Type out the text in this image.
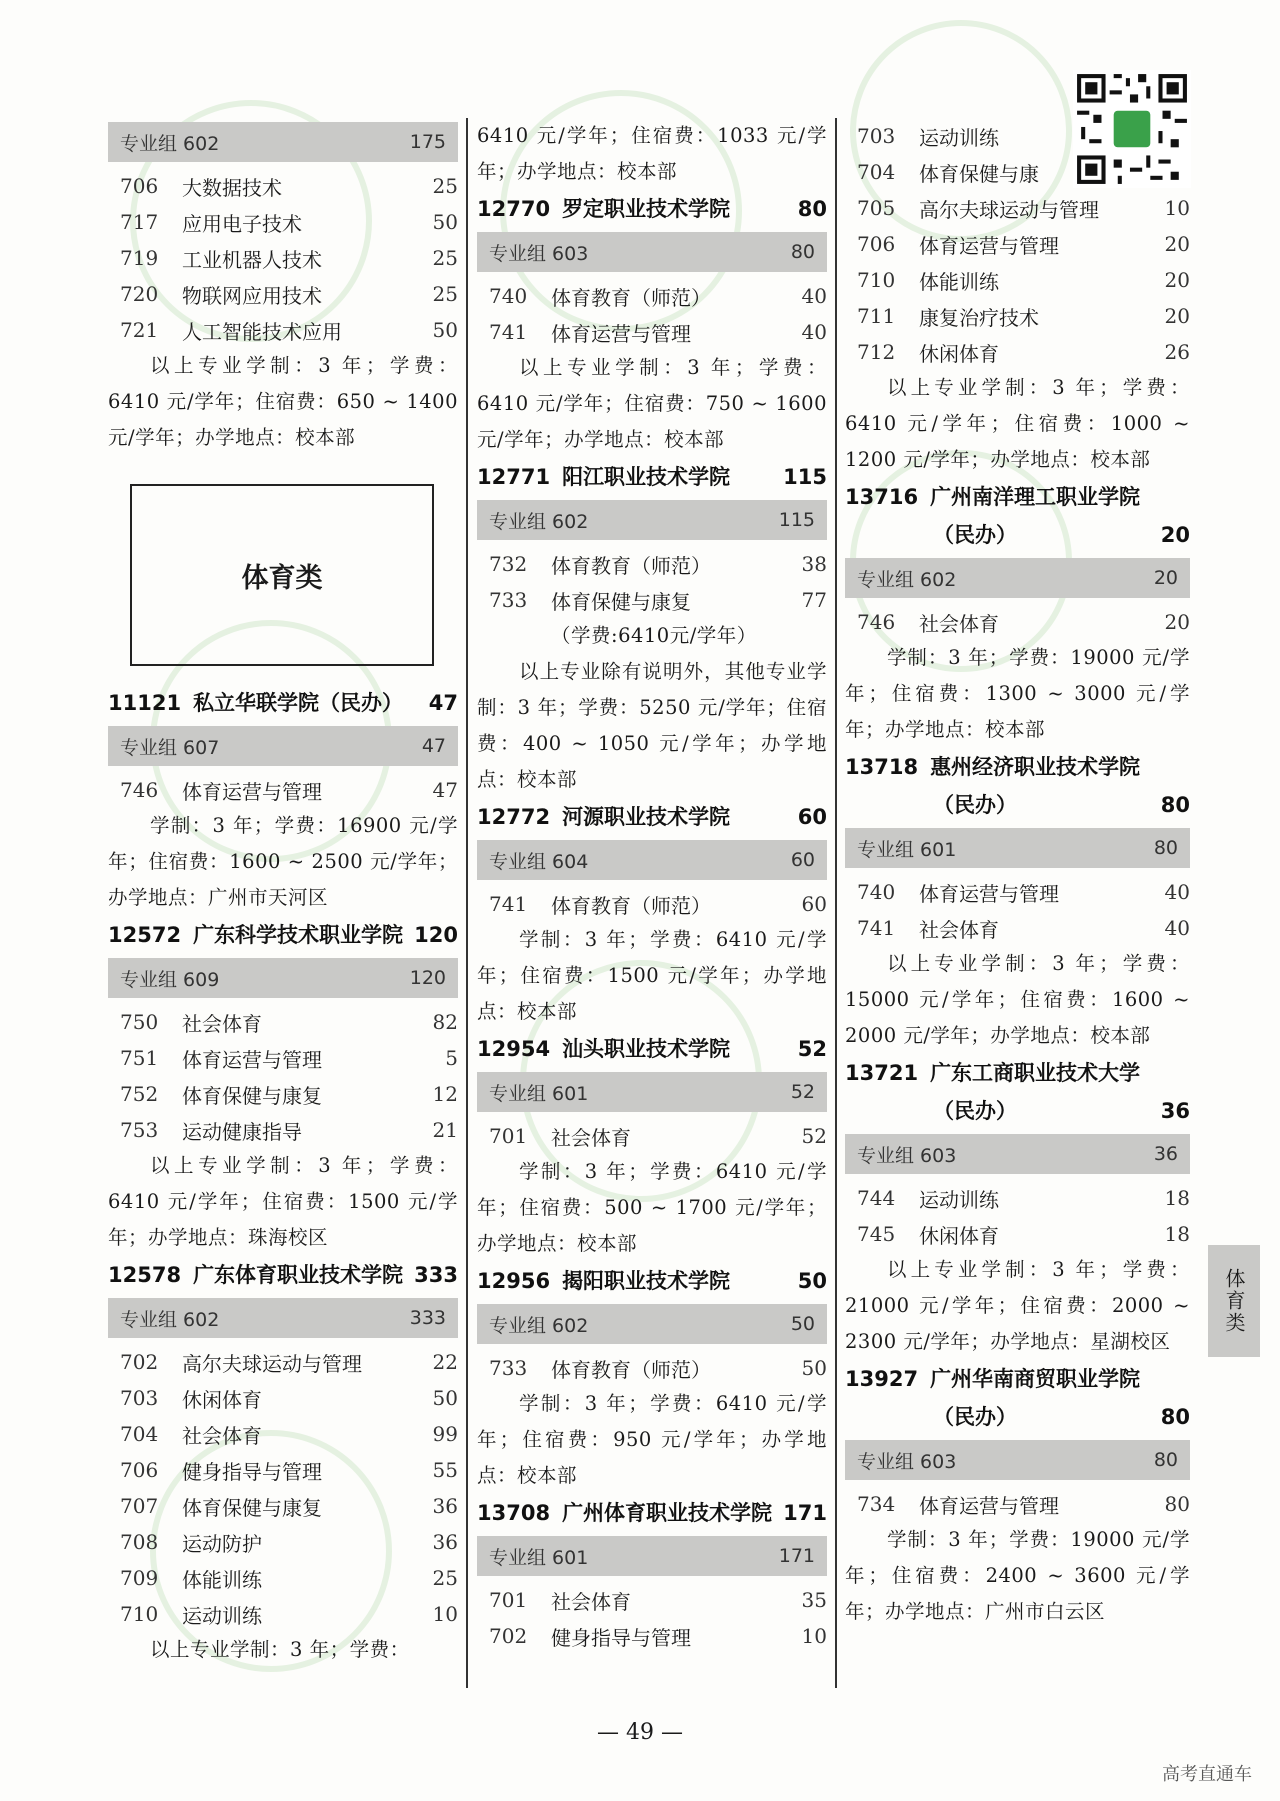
专业组 602	175
706	大数据技术	25
717	应用电子技术	50
719	工业机器人技术	25
720	物联网应用技术	25
721	人工智能技术应用	50
以上专业学制：3 年；学费：6410 元/学年；住宿费：650 ~ 1400 元/学年；办学地点：校本部
体育类
11121 私立华联学院（民办）	47
专业组 607	47
746	体育运营与管理	47
学制：3 年；学费：16900 元/学年；住宿费：1600 ~ 2500 元/学年；办学地点：广州市天河区
12572 广东科学技术职业学院 120
专业组 609	120
750	社会体育	82
751	体育运营与管理	5
752	体育保健与康复	12
753	运动健康指导	21
以上专业学制：3 年；学费：6410 元/学年；住宿费：1500 元/学年；办学地点：珠海校区
12578 广东体育职业技术学院 333
专业组 602	333
702	高尔夫球运动与管理	22
703	休闲体育	50
704	社会体育	99
706	健身指导与管理	55
707	体育保健与康复	36
708	运动防护	36
709	体能训练	25
710	运动训练	10
以上专业学制：3 年；学费：
6410 元/学年；住宿费：1033 元/学年；办学地点：校本部
12770 罗定职业技术学院	80
专业组 603	80
740	体育教育（师范）	40
741	体育运营与管理	40
以上专业学制：3 年；学费：6410 元/学年；住宿费：750 ~ 1600 元/学年；办学地点：校本部
12771 阳江职业技术学院	115
专业组 602	115
732	体育教育（师范）	38
733	体育保健与康复	77
（学费:6410元/学年）
以上专业除有说明外，其他专业学制：3 年；学费：5250 元/学年；住宿费：400 ~ 1050 元/学年；办学地点：校本部
12772 河源职业技术学院	60
专业组 604	60
741	体育教育（师范）	60
学制：3 年；学费：6410 元/学年；住宿费：1500 元/学年；办学地点：校本部
12954 汕头职业技术学院	52
专业组 601	52
701	社会体育	52
学制：3 年；学费：6410 元/学年；住宿费：500 ~ 1700 元/学年；办学地点：校本部
12956 揭阳职业技术学院	50
专业组 602	50
733	体育教育（师范）	50
学制：3 年；学费：6410 元/学年；住宿费：950 元/学年；办学地点：校本部
13708 广州体育职业技术学院 171
专业组 601	171
701	社会体育	35
702	健身指导与管理	10
703	运动训练
704	体育保健与康
705	高尔夫球运动与管理	10
706	体育运营与管理	20
710	体能训练	20
711	康复治疗技术	20
712	休闲体育	26
以上专业学制：3 年；学费：6410 元/学年；住宿费：1000 ~ 1200 元/学年；办学地点：校本部
13716 广州南洋理工职业学院
（民办）	20
专业组 602	20
746	社会体育	20
学制：3 年；学费：19000 元/学年；住宿费：1300 ~ 3000 元/学年；办学地点：校本部
13718 惠州经济职业技术学院
（民办）	80
专业组 601	80
740	体育运营与管理	40
741	社会体育	40
以上专业学制：3 年；学费：15000 元/学年；住宿费：1600 ~ 2000 元/学年；办学地点：校本部
13721 广东工商职业技术大学
（民办）	36
专业组 603	36
744	运动训练	18
745	休闲体育	18
以上专业学制：3 年；学费：21000 元/学年；住宿费：2000 ~ 2300 元/学年；办学地点：星湖校区
13927 广州华南商贸职业学院
（民办）	80
专业组 603	80
734	体育运营与管理	80
学制：3 年；学费：19000 元/学年；住宿费：2400 ~ 3600 元/学年；办学地点：广州市白云区
体育类
— 49 —
高考直通车
